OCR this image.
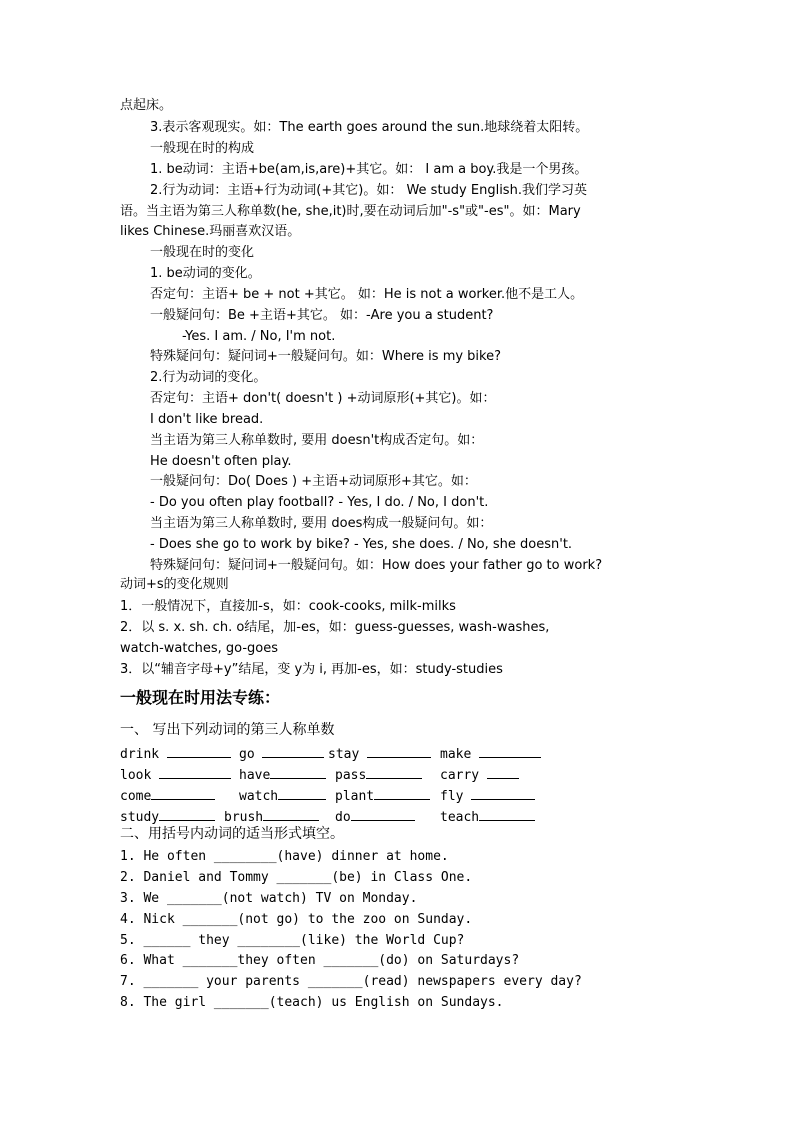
点起床。
3.表示客观现实。如：The earth goes around the sun.地球绕着太阳转。
一般现在时的构成
1. be动词：主语+be(am,is,are)+其它。如： I am a boy.我是一个男孩。
2.行为动词：主语+行为动词(+其它)。如： We study English.我们学习英
语。当主语为第三人称单数(he, she,it)时,要在动词后加"-s"或"-es"。如：Mary
likes Chinese.玛丽喜欢汉语。
一般现在时的变化
1. be动词的变化。
否定句：主语+ be + not +其它。 如：He is not a worker.他不是工人。
一般疑问句：Be +主语+其它。 如：-Are you a student?
-Yes. I am. / No, I'm not.
特殊疑问句：疑问词+一般疑问句。如：Where is my bike?
2.行为动词的变化。
否定句：主语+ don't( doesn't ) +动词原形(+其它)。如：
I don't like bread.
当主语为第三人称单数时, 要用 doesn't构成否定句。如：
He doesn't often play.
一般疑问句：Do( Does ) +主语+动词原形+其它。如：
- Do you often play football? - Yes, I do. / No, I don't.
当主语为第三人称单数时, 要用 does构成一般疑问句。如：
- Does she go to work by bike? - Yes, she does. / No, she doesn't.
特殊疑问句：疑问词+一般疑问句。如：How does your father go to work?
动词+s的变化规则
1．一般情况下，直接加-s，如：cook-cooks, milk-milks
2．以 s. x. sh. ch. o结尾，加-es，如：guess-guesses, wash-washes,
watch-watches, go-goes
3．以“辅音字母+y”结尾，变 y为 i, 再加-es，如：study-studies
一般现在时用法专练：
一、 写出下列动词的第三人称单数
drink	go	stay	make
look	have	pass	carry
come	watch	plant	fly
study	brush	do	teach
二、用括号内动词的适当形式填空。
1. He often ________(have) dinner at home.
2. Daniel and Tommy _______(be) in Class One.
3. We _______(not watch) TV on Monday.
4. Nick _______(not go) to the zoo on Sunday.
5. ______ they ________(like) the World Cup?
6. What _______they often _______(do) on Saturdays?
7. _______ your parents _______(read) newspapers every day?
8. The girl _______(teach) us English on Sundays.
